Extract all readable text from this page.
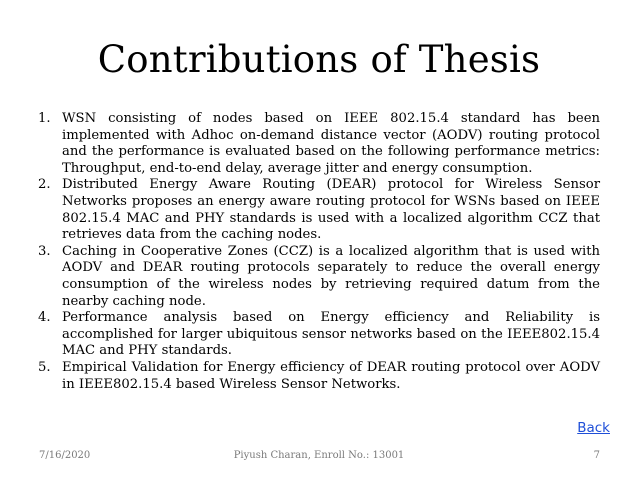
Contributions of Thesis
1. WSN consisting of nodes based on IEEE 802.15.4 standard has been implemented with Adhoc on-demand distance vector (AODV) routing protocol and the performance is evaluated based on the following performance metrics: Throughput, end-to-end delay, average jitter and energy consumption.
2. Distributed Energy Aware Routing (DEAR) protocol for Wireless Sensor Networks proposes an energy aware routing protocol for WSNs based on IEEE 802.15.4 MAC and PHY standards is used with a localized algorithm CCZ that retrieves data from the caching nodes.
3. Caching in Cooperative Zones (CCZ) is a localized algorithm that is used with AODV and DEAR routing protocols separately to reduce the overall energy consumption of the wireless nodes by retrieving required datum from the nearby caching node.
4. Performance analysis based on Energy efficiency and Reliability is accomplished for larger ubiquitous sensor networks based on the IEEE802.15.4 MAC and PHY standards.
5. Empirical Validation for Energy efficiency of DEAR routing protocol over AODV in IEEE802.15.4 based Wireless Sensor Networks.
Back
7/16/2020	Piyush Charan, Enroll No.: 13001	7
